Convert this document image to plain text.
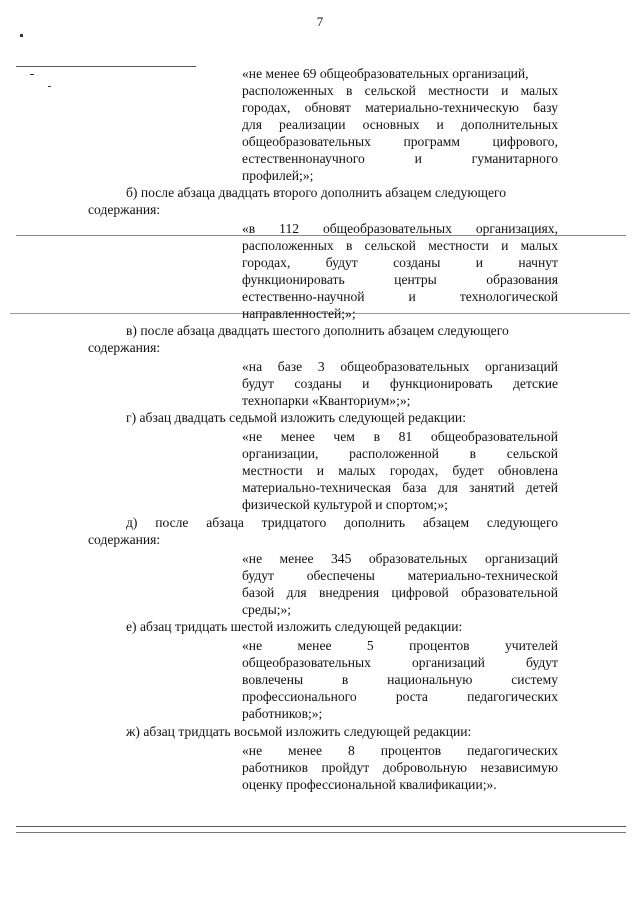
7

«не менее 69 общеобразовательных организаций,

расположенных в сельской местности и малых

городах, обновят материально-техническую базу

для реализации основных и дополнительных

общеобразовательных программ цифрового,

естественнонаучного и гуманитарного

профилей;»;

б) после абзаца двадцать второго дополнить абзацем следующего

содержания:

«в 112 общеобразовательных организациях,

расположенных в сельской местности и малых

городах, будут созданы и начнут

функционировать центры образования

естественно-научной и технологической

направленностей;»;

в) после абзаца двадцать шестого дополнить абзацем следующего

содержания:

«на базе 3 общеобразовательных организаций

будут созданы и функционировать детские

технопарки «Кванториум»;»;

г) абзац двадцать седьмой изложить следующей редакции:

«не менее чем в 81 общеобразовательной

организации, расположенной в сельской

местности и малых городах, будет обновлена

материально-техническая база для занятий детей

физической культурой и спортом;»;

д) после абзаца тридцатого дополнить абзацем следующего

содержания:

«не менее 345 образовательных организаций

будут обеспечены материально-технической

базой для внедрения цифровой образовательной

среды;»;

е) абзац тридцать шестой изложить следующей редакции:

«не менее 5 процентов учителей

общеобразовательных организаций будут

вовлечены в национальную систему

профессионального роста педагогических

работников;»;

ж) абзац тридцать восьмой изложить следующей редакции:

«не менее 8 процентов педагогических

работников пройдут добровольную независимую

оценку профессиональной квалификации;».
